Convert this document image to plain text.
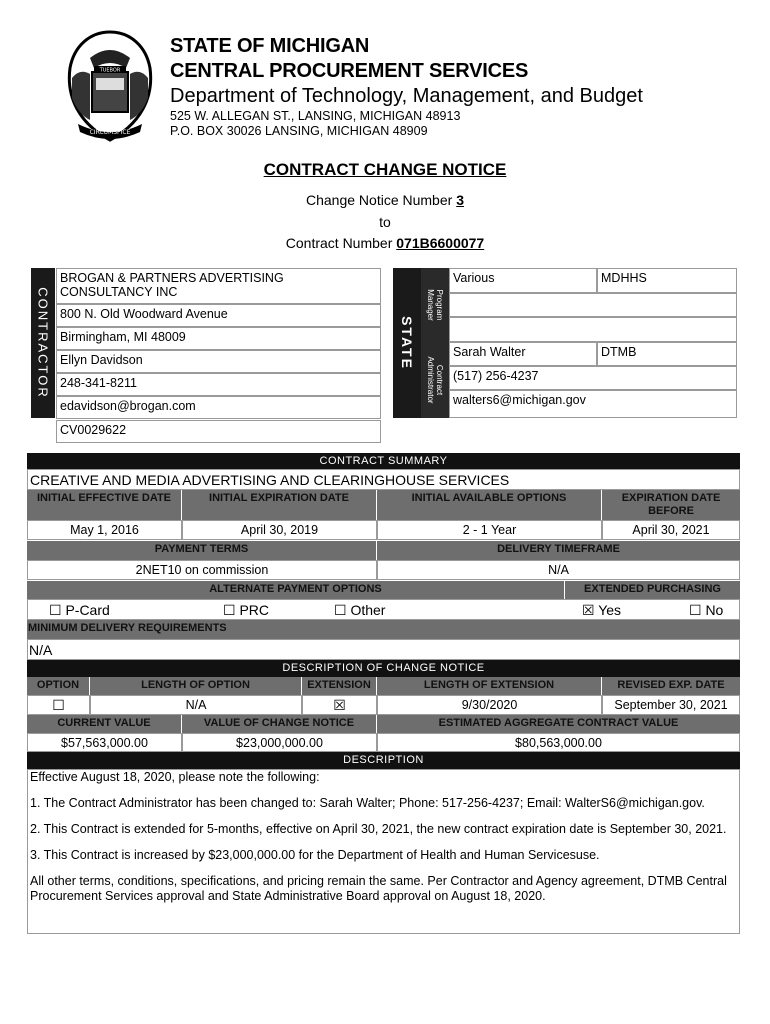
TUEBOR
CIRCUMSPICE
STATE OF MICHIGAN
CENTRAL PROCUREMENT SERVICES
Department of Technology, Management, and Budget
525 W. ALLEGAN ST., LANSING, MICHIGAN 48913
P.O. BOX 30026 LANSING, MICHIGAN 48909
CONTRACT CHANGE NOTICE
Change Notice Number 3
to
Contract Number 071B6600077
CONTRACTOR
BROGAN & PARTNERS ADVERTISING CONSULTANCY INC
800 N. Old Woodward Avenue
Birmingham, MI 48009
Ellyn Davidson
248-341-8211
edavidson@brogan.com
CV0029622
STATE
Program Manager
Contract Administrator
Various	MDHHS
Sarah Walter	DTMB
(517) 256-4237
walters6@michigan.gov
CONTRACT SUMMARY
CREATIVE AND MEDIA ADVERTISING AND CLEARINGHOUSE SERVICES
INITIAL EFFECTIVE DATE	INITIAL EXPIRATION DATE	INITIAL AVAILABLE OPTIONS	EXPIRATION DATE BEFORE
May 1, 2016	April 30, 2019	2 - 1 Year	April 30, 2021
PAYMENT TERMS	DELIVERY TIMEFRAME
2NET10 on commission	N/A
ALTERNATE PAYMENT OPTIONS	EXTENDED PURCHASING
☐ P-Card	☐ PRC	☐ Other	☒ Yes	☐ No
MINIMUM DELIVERY REQUIREMENTS
N/A
DESCRIPTION OF CHANGE NOTICE
OPTION	LENGTH OF OPTION	EXTENSION	LENGTH OF EXTENSION	REVISED EXP. DATE
☐	N/A	☒	9/30/2020	September 30, 2021
CURRENT VALUE	VALUE OF CHANGE NOTICE	ESTIMATED AGGREGATE CONTRACT VALUE
$57,563,000.00	$23,000,000.00	$80,563,000.00
DESCRIPTION

Effective August 18, 2020, please note the following:

1. The Contract Administrator has been changed to: Sarah Walter; Phone: 517-256-4237; Email: WalterS6@michigan.gov.

2. This Contract is extended for 5-months, effective on April 30, 2021, the new contract expiration date is September 30, 2021.

3. This Contract is increased by $23,000,000.00 for the Department of Health and Human Servicesuse.

All other terms, conditions, specifications, and pricing remain the same. Per Contractor and Agency agreement, DTMB Central Procurement Services approval and State Administrative Board approval on August 18, 2020.
